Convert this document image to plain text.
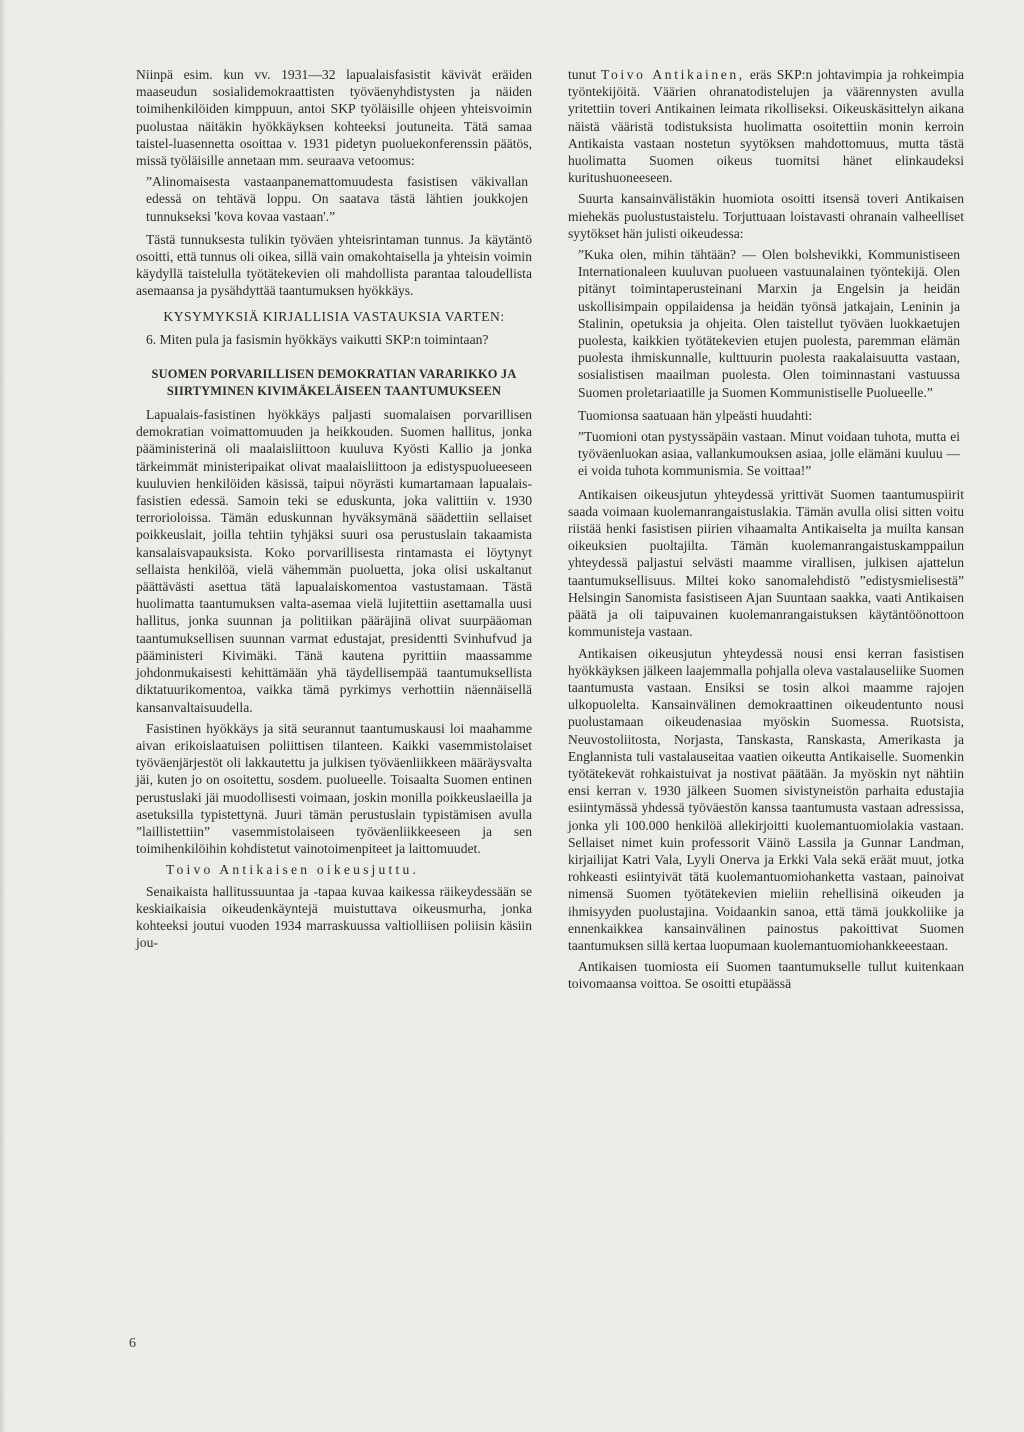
Niinpä esim. kun vv. 1931—32 lapualaisfasistit kävivät eräiden maaseudun sosialidemokraattisten työväenyhdistysten ja näiden toimihenkilöiden kimppuun, antoi SKP työläisille ohjeen yhteisvoimin puolustaa näitäkin hyökkäyksen kohteeksi joutuneita. Tätä samaa taistel-luasennetta osoittaa v. 1931 pidetyn puoluekonferenssin päätös, missä työläisille annetaan mm. seuraava vetoomus:

”Alinomaisesta vastaanpanemattomuudesta fasistisen väkivallan edessä on tehtävä loppu. On saatava tästä lähtien joukkojen tunnukseksi 'kova kovaa vastaan'.”

Tästä tunnuksesta tulikin työväen yhteisrintaman tunnus. Ja käytäntö osoitti, että tunnus oli oikea, sillä vain omakohtaisella ja yhteisin voimin käydyllä taistelulla työtätekevien oli mahdollista parantaa taloudellista asemaansa ja pysähdyttää taantumuksen hyökkäys.

KYSYMYKSIÄ KIRJALLISIA VASTAUKSIA VARTEN:

6. Miten pula ja fasismin hyökkäys vaikutti SKP:n toimintaan?

SUOMEN PORVARILLISEN DEMOKRATIAN VARARIKKO JA SIIRTYMINEN KIVIMÄKELÄISEEN TAANTUMUKSEEN

Lapualais-fasistinen hyökkäys paljasti suomalaisen porvarillisen demokratian voimattomuuden ja heikkouden. Suomen hallitus, jonka pääministerinä oli maalaisliittoon kuuluva Kyösti Kallio ja jonka tärkeimmät ministeripaikat olivat maalaisliittoon ja edistyspuolueeseen kuuluvien henkilöiden käsissä, taipui nöyrästi kumartamaan lapualais-fasistien edessä. Samoin teki se eduskunta, joka valittiin v. 1930 terrorioloissa. Tämän eduskunnan hyväksymänä säädettiin sellaiset poikkeuslait, joilla tehtiin tyhjäksi suuri osa perustuslain takaamista kansalaisvapauksista. Koko porvarillisesta rintamasta ei löytynyt sellaista henkilöä, vielä vähemmän puoluetta, joka olisi uskaltanut päättävästi asettua tätä lapualaiskomentoa vastustamaan. Tästä huolimatta taantumuksen valta-asemaa vielä lujitettiin asettamalla uusi hallitus, jonka suunnan ja politiikan pääräjinä olivat suurpääoman taantumuksellisen suunnan varmat edustajat, presidentti Svinhufvud ja pääministeri Kivimäki. Tänä kautena pyrittiin maassamme johdonmukaisesti kehittämään yhä täydellisempää taantumuksellista diktatuurikomentoa, vaikka tämä pyrkimys verhottiin näennäisellä kansanvaltaisuudella.

Fasistinen hyökkäys ja sitä seurannut taantumuskausi loi maahamme aivan erikoislaatuisen poliittisen tilanteen. Kaikki vasemmistolaiset työväenjärjestöt oli lakkautettu ja julkisen työväenliikkeen määräysvalta jäi, kuten jo on osoitettu, sosdem. puolueelle. Toisaalta Suomen entinen perustuslaki jäi muodollisesti voimaan, joskin monilla poikkeuslaeilla ja asetuksilla typistettynä. Juuri tämän perustuslain typistämisen avulla ”laillistettiin” vasemmistolaiseen työväenliikkeeseen ja sen toimihenkilöihin kohdistetut vainotoimenpiteet ja laittomuudet.

Toivo Antikaisen oikeusjuttu.

Senaikaista hallitussuuntaa ja -tapaa kuvaa kaikessa räikeydessään se keskiaikaisia oikeudenkäyntejä muistuttava oikeusmurha, jonka kohteeksi joutui vuoden 1934 marraskuussa valtiolliisen poliisin käsiin jou-

tunut Toivo Antikainen, eräs SKP:n johtavimpia ja rohkeimpia työntekijöitä. Väärien ohranatodistelujen ja väärennysten avulla yritettiin toveri Antikainen leimata rikolliseksi. Oikeuskäsittelyn aikana näistä vääristä todistuksista huolimatta osoitettiin monin kerroin Antikaista vastaan nostetun syytöksen mahdottomuus, mutta tästä huolimatta Suomen oikeus tuomitsi hänet elinkaudeksi kuritushuoneeseen.

Suurta kansainvälistäkin huomiota osoitti itsensä toveri Antikaisen miehekäs puolustustaistelu. Torjuttuaan loistavasti ohranain valheelliset syytökset hän julisti oikeudessa:

”Kuka olen, mihin tähtään? — Olen bolshevikki, Kommunistiseen Internationaleen kuuluvan puolueen vastuunalainen työntekijä. Olen pitänyt toimintaperusteinani Marxin ja Engelsin ja heidän uskollisimpain oppilaidensa ja heidän työnsä jatkajain, Leninin ja Stalinin, opetuksia ja ohjeita. Olen taistellut työväen luokkaetujen puolesta, kaikkien työtätekevien etujen puolesta, paremman elämän puolesta ihmiskunnalle, kulttuurin puolesta raakalaisuutta vastaan, sosialistisen maailman puolesta. Olen toiminnastani vastuussa Suomen proletariaatille ja Suomen Kommunistiselle Puolueelle.”

Tuomionsa saatuaan hän ylpeästi huudahti:

”Tuomioni otan pystyssäpäin vastaan. Minut voidaan tuhota, mutta ei työväenluokan asiaa, vallankumouksen asiaa, jolle elämäni kuuluu — ei voida tuhota kommunismia. Se voittaa!”

Antikaisen oikeusjutun yhteydessä yrittivät Suomen taantumuspiirit saada voimaan kuolemanrangaistuslakia. Tämän avulla olisi sitten voitu riistää henki fasistisen piirien vihaamalta Antikaiselta ja muilta kansan oikeuksien puoltajilta. Tämän kuolemanrangaistuskamppailun yhteydessä paljastui selvästi maamme virallisen, julkisen ajattelun taantumuksellisuus. Miltei koko sanomalehdistö ”edistysmielisestä” Helsingin Sanomista fasistiseen Ajan Suuntaan saakka, vaati Antikaisen päätä ja oli taipuvainen kuolemanrangaistuksen käytäntöönottoon kommunisteja vastaan.

Antikaisen oikeusjutun yhteydessä nousi ensi kerran fasistisen hyökkäyksen jälkeen laajemmalla pohjalla oleva vastalauseliike Suomen taantumusta vastaan. Ensiksi se tosin alkoi maamme rajojen ulkopuolelta. Kansainvälinen demokraattinen oikeudentunto nousi puolustamaan oikeudenasiaa myöskin Suomessa. Ruotsista, Neuvostoliitosta, Norjasta, Tanskasta, Ranskasta, Amerikasta ja Englannista tuli vastalauseitaa vaatien oikeutta Antikaiselle. Suomenkin työtätekevät rohkaistuivat ja nostivat päätään. Ja myöskin nyt nähtiin ensi kerran v. 1930 jälkeen Suomen sivistyneistön parhaita edustajia esiintymässä yhdessä työväestön kanssa taantumusta vastaan adressissa, jonka yli 100.000 henkilöä allekirjoitti kuolemantuomiolakia vastaan. Sellaiset nimet kuin professorit Väinö Lassila ja Gunnar Landman, kirjailijat Katri Vala, Lyyli Onerva ja Erkki Vala sekä eräät muut, jotka rohkeasti esiintyivät tätä kuolemantuomiohanketta vastaan, painoivat nimensä Suomen työtätekevien mieliin rehellisinä oikeuden ja ihmisyyden puolustajina. Voidaankin sanoa, että tämä joukkoliike ja ennenkaikkea kansainvälinen painostus pakoittivat Suomen taantumuksen sillä kertaa luopumaan kuolemantuomiohankkeeestaan.

Antikaisen tuomiosta eii Suomen taantumukselle tullut kuitenkaan toivomaansa voittoa. Se osoitti etupäässä

6
